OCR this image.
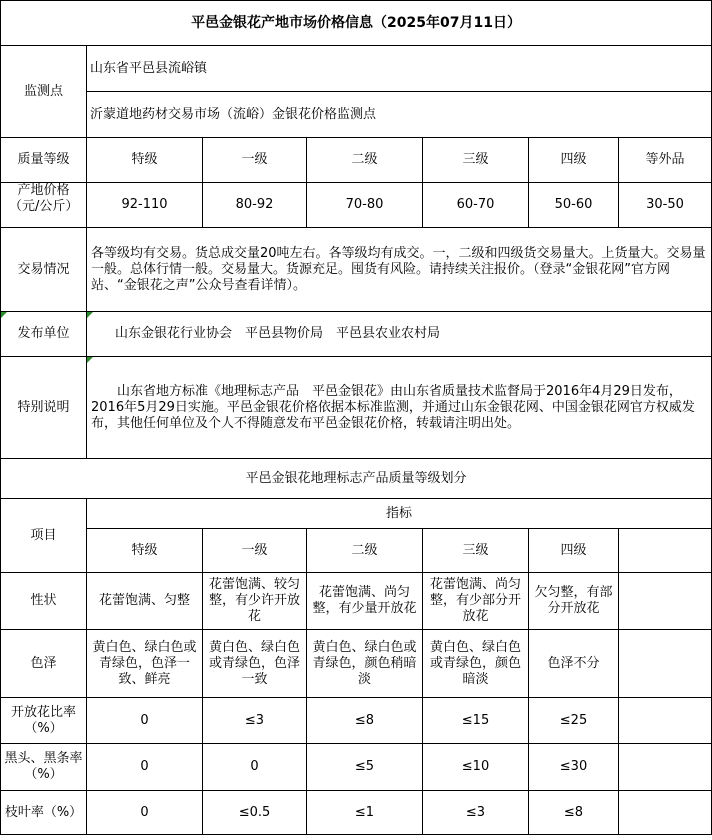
平邑金银花产地市场价格信息（2025年07月11日）						
监测点	山东省平邑县流峪镇					
	沂蒙道地药材交易市场（流峪）金银花价格监测点					
质量等级	特级	一级	二级	三级	四级	等外品

产地价格（元/公斤）	92-110	80-92	70-80	60-70	50-60	30-50
交易情况	各等级均有交易。货总成交量20吨左右。各等级均有成交。一，二级和四级货交易量大。上货量大。交易量一般。总体行情一般。交易量大。货源充足。囤货有风险。请持续关注报价。（登录“金银花网”官方网站、“金银花之声”公众号查看详情）。					
发布单位	山东金银花行业协会　平邑县物价局　平邑县农业农村局					
特别说明	山东省地方标准《地理标志产品　平邑金银花》由山东省质量技术监督局于2016年4月29日发布，2016年5月29日实施。平邑金银花价格依据本标准监测，并通过山东金银花网、中国金银花网官方权威发布，其他任何单位及个人不得随意发布平邑金银花价格，转载请注明出处。					
平邑金银花地理标志产品质量等级划分						
项目	指标					
	特级	一级	二级	三级	四级	
性状	花蕾饱满、匀整	花蕾饱满、较匀整，有少许开放花	花蕾饱满、尚匀整，有少量开放花	花蕾饱满、尚匀整，有少部分开放花	欠匀整，有部分开放花	
色泽	黄白色、绿白色或青绿色，色泽一致、鲜亮	黄白色、绿白色或青绿色，色泽一致	黄白色、绿白色或青绿色，颜色稍暗淡	黄白色、绿白色或青绿色，颜色暗淡	色泽不分	
开放花比率（%）	0	≤3	≤8	≤15	≤25	
黑头、黑条率（%）	0	0	≤5	≤10	≤30	
枝叶率（%）	0	≤0.5	≤1	≤3	≤8	
